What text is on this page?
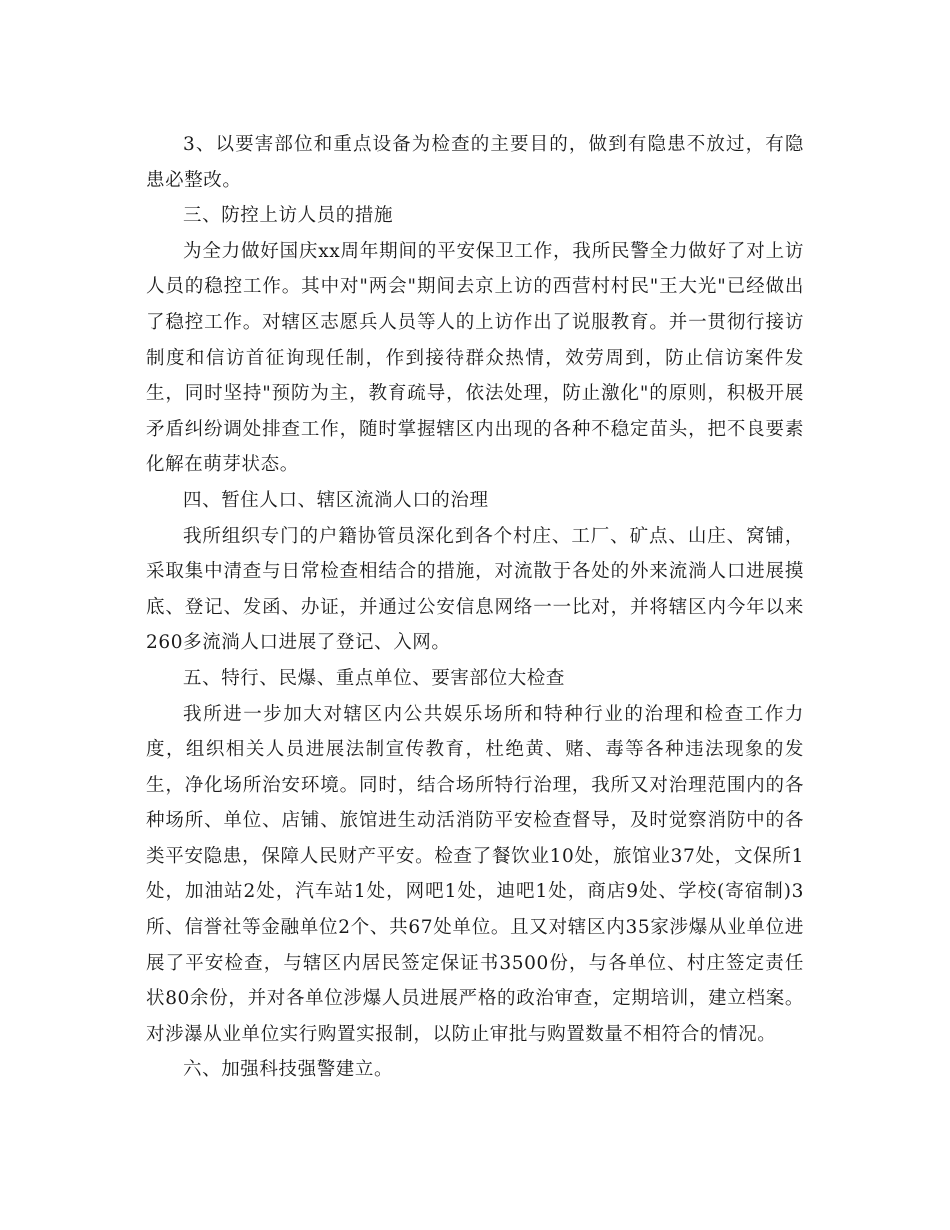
3、以要害部位和重点设备为检查的主要目的，做到有隐患不放过，有隐患必整改。

三、防控上访人员的措施

为全力做好国庆xx周年期间的平安保卫工作，我所民警全力做好了对上访人员的稳控工作。其中对"两会"期间去京上访的西营村村民"王大光"已经做出了稳控工作。对辖区志愿兵人员等人的上访作出了说服教育。并一贯彻行接访制度和信访首征询现任制，作到接待群众热情，效劳周到，防止信访案件发生，同时坚持"预防为主，教育疏导，依法处理，防止激化"的原则，积极开展矛盾纠纷调处排查工作，随时掌握辖区内出现的各种不稳定苗头，把不良要素化解在萌芽状态。

四、暂住人口、辖区流淌人口的治理

我所组织专门的户籍协管员深化到各个村庄、工厂、矿点、山庄、窝铺，采取集中清查与日常检查相结合的措施，对流散于各处的外来流淌人口进展摸底、登记、发函、办证，并通过公安信息网络一一比对，并将辖区内今年以来260多流淌人口进展了登记、入网。

五、特行、民爆、重点单位、要害部位大检查

我所进一步加大对辖区内公共娱乐场所和特种行业的治理和检查工作力度，组织相关人员进展法制宣传教育，杜绝黄、赌、毒等各种违法现象的发生，净化场所治安环境。同时，结合场所特行治理，我所又对治理范围内的各种场所、单位、店铺、旅馆进生动活消防平安检查督导，及时觉察消防中的各类平安隐患，保障人民财产平安。检查了餐饮业10处，旅馆业37处，文保所1处，加油站2处，汽车站1处，网吧1处，迪吧1处，商店9处、学校(寄宿制)3所、信誉社等金融单位2个、共67处单位。且又对辖区内35家涉爆从业单位进展了平安检查，与辖区内居民签定保证书3500份，与各单位、村庄签定责任状80余份，并对各单位涉爆人员进展严格的政治审查，定期培训，建立档案。对涉瀑从业单位实行购置实报制，以防止审批与购置数量不相符合的情况。

六、加强科技强警建立。
